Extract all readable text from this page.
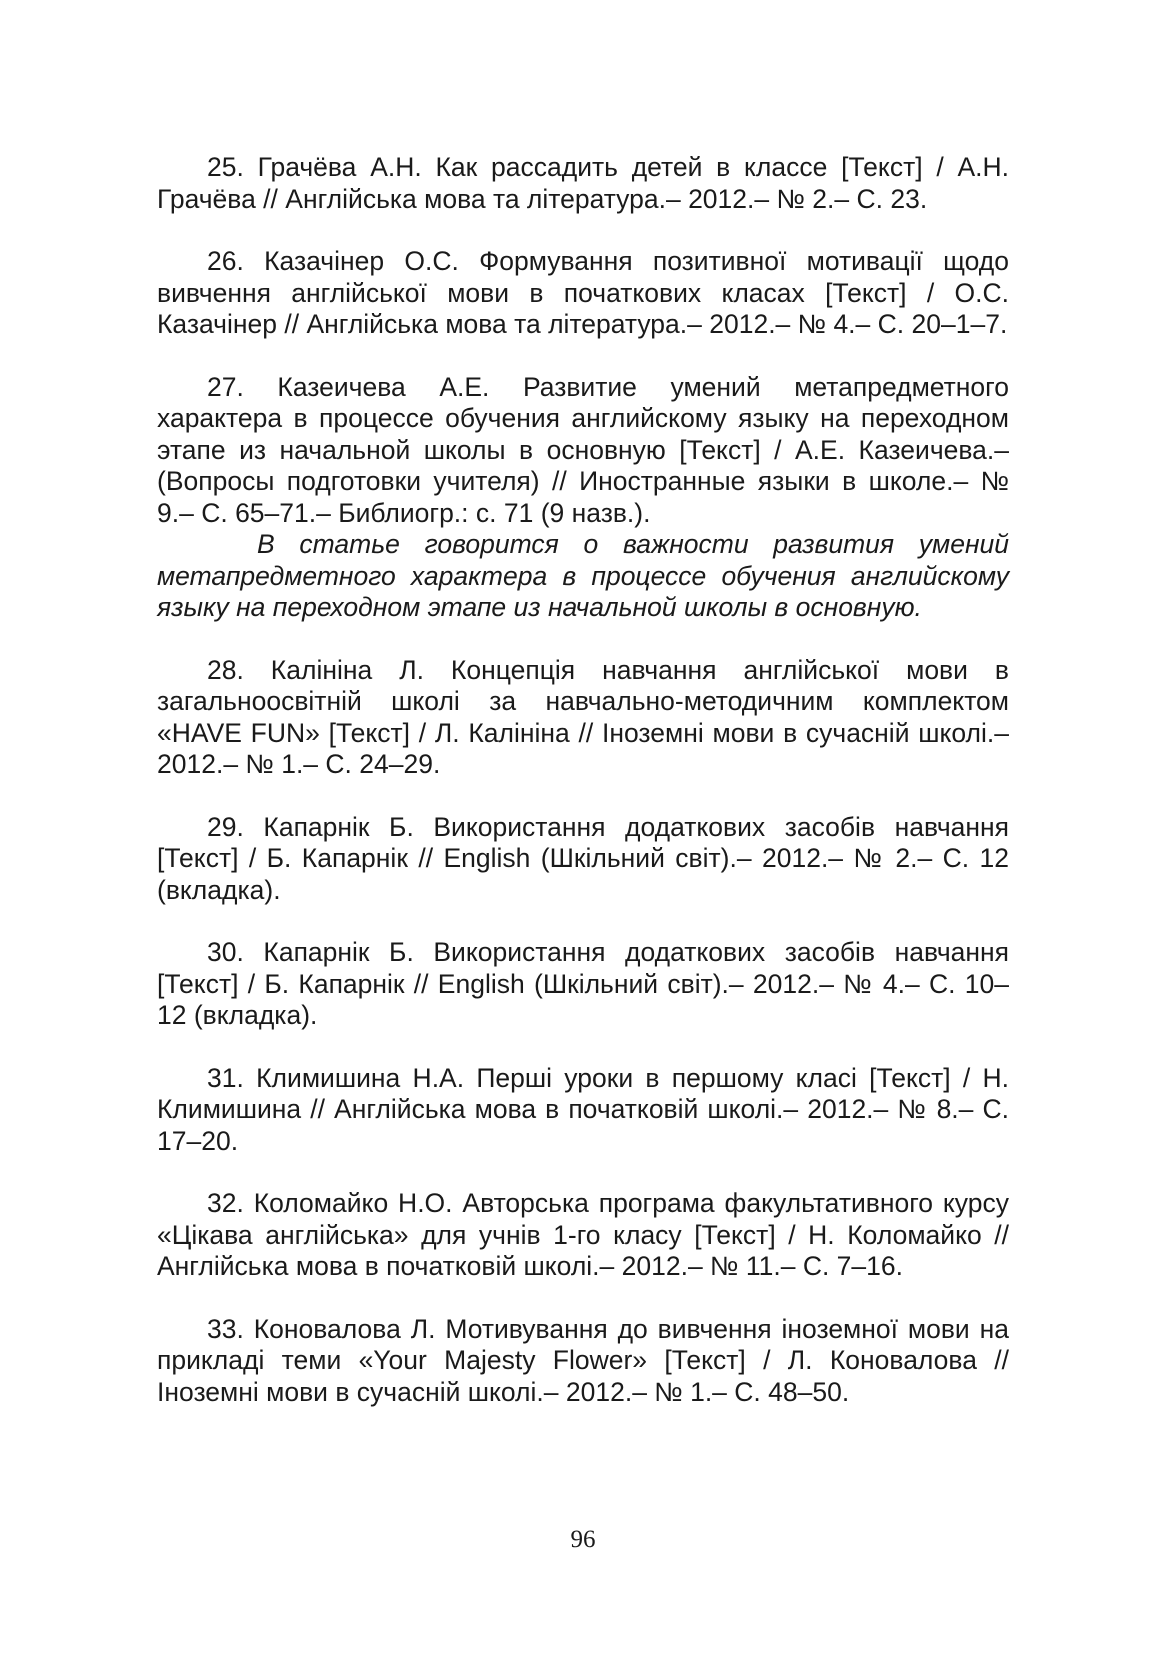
25. Грачёва А.Н. Как рассадить детей в классе [Текст] / А.Н. Грачёва // Англійська мова та література.– 2012.– № 2.– С. 23.

26. Казачінер О.С. Формування позитивної мотивації щодо вивчення англійської мови в початкових класах [Текст] / О.С. Казачінер // Англійська мова та література.– 2012.– № 4.– С. 20–1–7.

27. Казеичева А.Е. Развитие умений метапредметного характера в процессе обучения английскому языку на переходном этапе из начальной школы в основную [Текст] / А.Е. Казеичева.– (Вопросы подготовки учителя) // Иностранные языки в школе.– № 9.– С. 65–71.– Библиогр.: с. 71 (9 назв.).

В статье говорится о важности развития умений метапредметного характера в процессе обучения английскому языку на переходном этапе из начальной школы в основную.

28. Калініна Л. Концепція навчання англійської мови в загальноосвітній школі за навчально-методичним комплектом «HAVE FUN» [Текст] / Л. Калініна // Іноземні мови в сучасній школі.– 2012.– № 1.– С. 24–29.

29. Капарнік Б. Використання додаткових засобів навчання [Текст] / Б. Капарнік // English (Шкільний світ).– 2012.– № 2.– С. 12 (вкладка).

30. Капарнік Б. Використання додаткових засобів навчання [Текст] / Б. Капарнік // English (Шкільний світ).– 2012.– № 4.– С. 10–12 (вкладка).

31. Климишина Н.А. Перші уроки в першому класі [Текст] / Н. Климишина // Англійська мова в початковій школі.– 2012.– № 8.– С. 17–20.

32. Коломайко Н.О. Авторська програма факультативного курсу «Цікава англійська» для учнів 1-го класу [Текст] / Н. Коломайко // Англійська мова в початковій школі.– 2012.– № 11.– С. 7–16.

33. Коновалова Л. Мотивування до вивчення іноземної мови на прикладі теми «Your Majesty Flower» [Текст] / Л. Коновалова // Іноземні мови в сучасній школі.– 2012.– № 1.– С. 48–50.

96
